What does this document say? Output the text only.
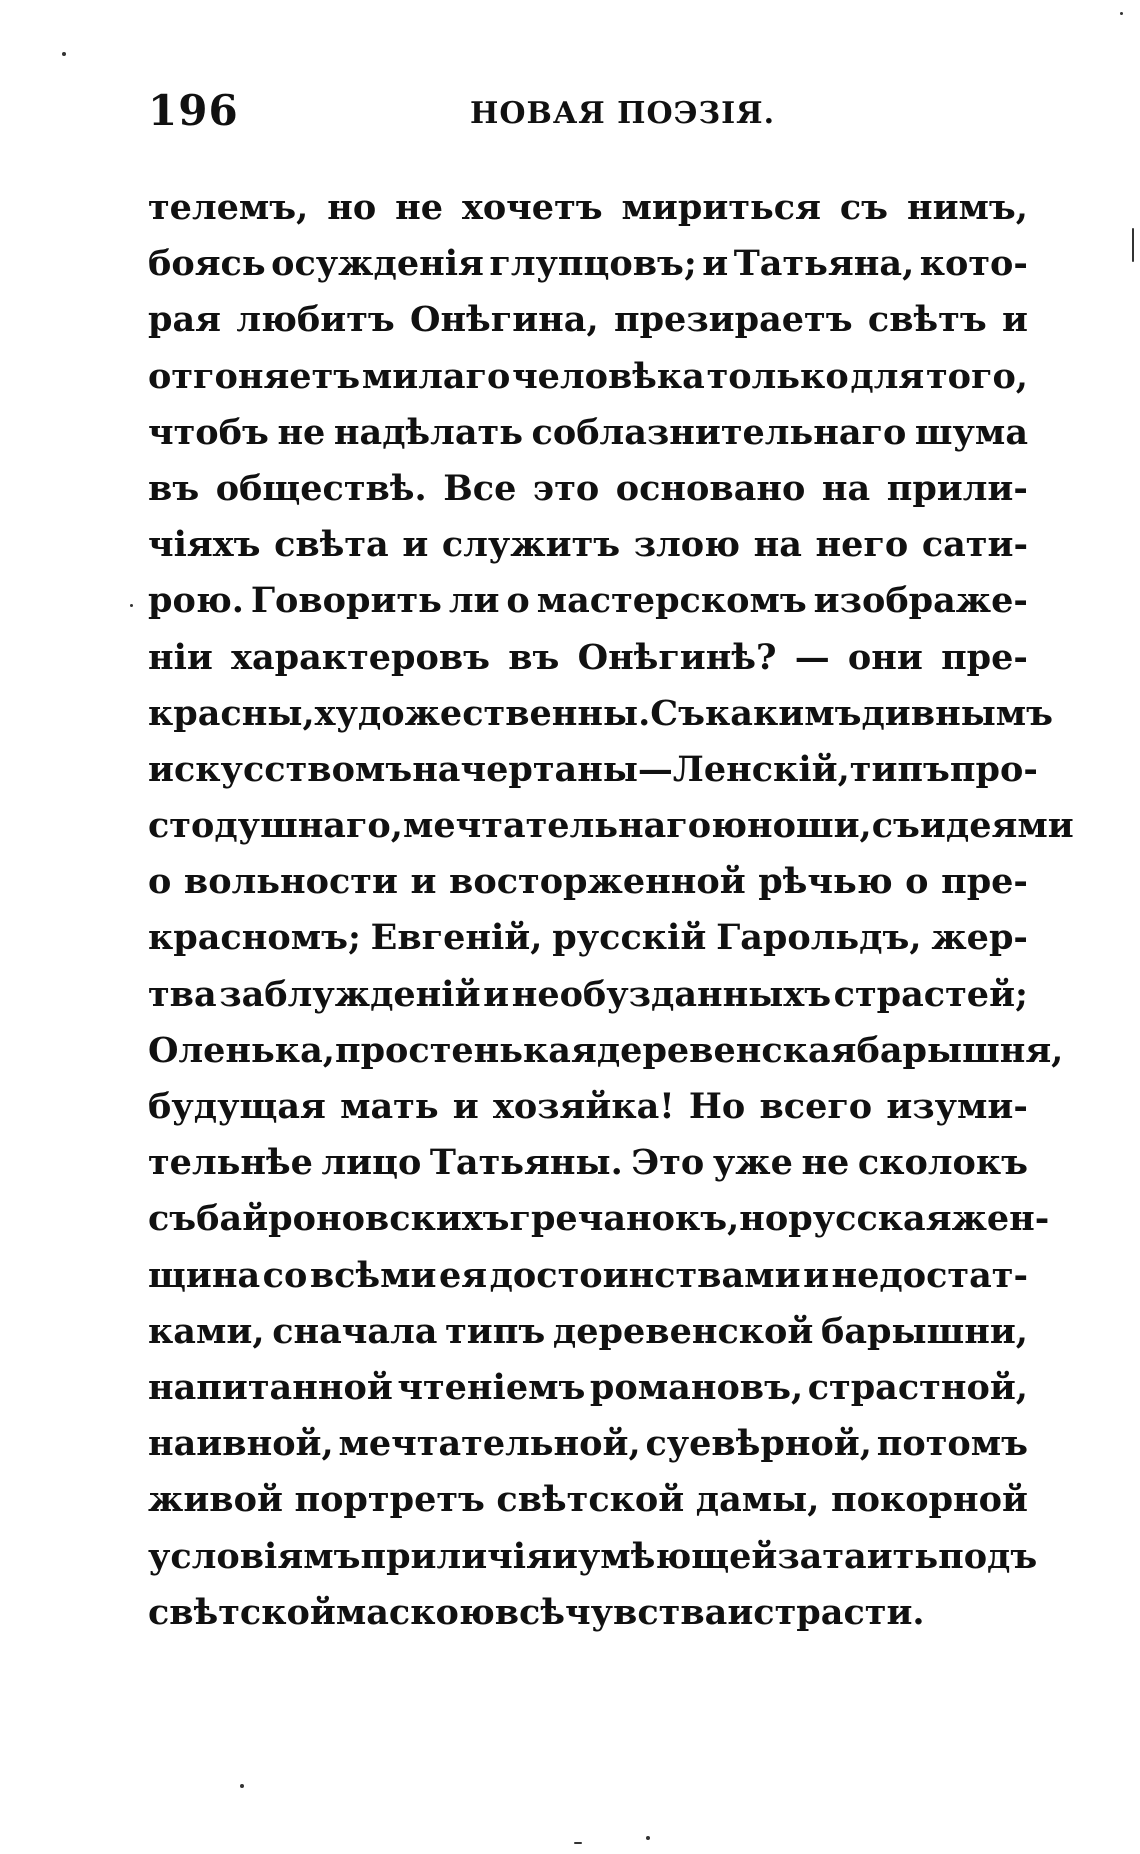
196	НОВАЯ ПОЭЗІЯ.
телемъ, но не хочетъ мириться съ нимъ,
боясь осужденія глупцовъ; и Татьяна, кото-
рая любитъ Онѣгина, презираетъ свѣтъ и
отгоняетъ милаго человѣка только для того,
чтобъ не надѣлать соблазнительнаго шума
въ обществѣ. Все это основано на прили-
чіяхъ свѣта и служитъ злою на него сати-
рою. Говорить ли о мастерскомъ изображе-
ніи характеровъ въ Онѣгинѣ? — они пре-
красны, художественны. Съ какимъ дивнымъ
искусствомъ начертаны—Ленскій, типъ про-
стодушнаго, мечтательнаго юноши, съ идеями
о вольности и восторженной рѣчью о пре-
красномъ; Евгеній, русскій Гарольдъ, жер-
тва заблужденій и необузданныхъ страстей;
Оленька, простенькая деревенская барышня,
будущая мать и хозяйка! Но всего изуми-
тельнѣе лицо Татьяны. Это уже не сколокъ
съ байроновскихъ гречанокъ, но русская жен-
щина со всѣми ея достоинствами и недостат-
ками, сначала типъ деревенской барышни,
напитанной чтеніемъ романовъ, страстной,
наивной, мечтательной, суевѣрной, потомъ
живой портретъ свѣтской дамы, покорной
условіямъ приличія и умѣющей затаить подъ
свѣтской маскою всѣ чувства и страсти.
